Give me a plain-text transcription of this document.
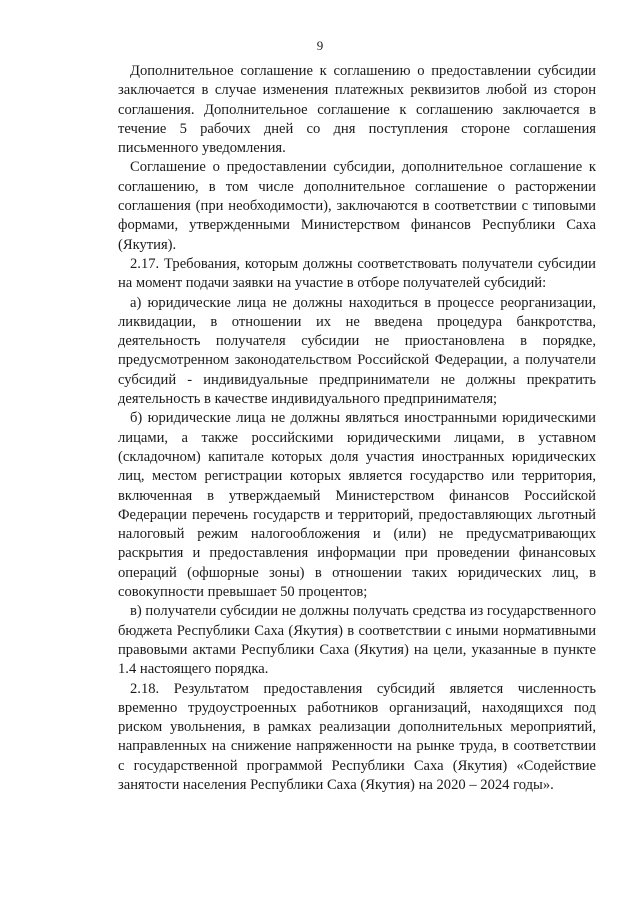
9

Дополнительное соглашение к соглашению о предоставлении субсидии заключается в случае изменения платежных реквизитов любой из сторон соглашения. Дополнительное соглашение к соглашению заключается в течение 5 рабочих дней со дня поступления стороне соглашения письменного уведомления.

Соглашение о предоставлении субсидии, дополнительное соглашение к соглашению, в том числе дополнительное соглашение о расторжении соглашения (при необходимости), заключаются в соответствии с типовыми формами, утвержденными Министерством финансов Республики Саха (Якутия).

2.17. Требования, которым должны соответствовать получатели субсидии на момент подачи заявки на участие в отборе получателей субсидий:

а) юридические лица не должны находиться в процессе реорганизации, ликвидации, в отношении их не введена процедура банкротства, деятельность получателя субсидии не приостановлена в порядке, предусмотренном законодательством Российской Федерации, а получатели субсидий - индивидуальные предприниматели не должны прекратить деятельность в качестве индивидуального предпринимателя;

б) юридические лица не должны являться иностранными юридическими лицами, а также российскими юридическими лицами, в уставном (складочном) капитале которых доля участия иностранных юридических лиц, местом регистрации которых является государство или территория, включенная в утверждаемый Министерством финансов Российской Федерации перечень государств и территорий, предоставляющих льготный налоговый режим налогообложения и (или) не предусматривающих раскрытия и предоставления информации при проведении финансовых операций (офшорные зоны) в отношении таких юридических лиц, в совокупности превышает 50 процентов;

в) получатели субсидии не должны получать средства из государственного бюджета Республики Саха (Якутия) в соответствии с иными нормативными правовыми актами Республики Саха (Якутия) на цели, указанные в пункте 1.4 настоящего порядка.

2.18. Результатом предоставления субсидий является численность временно трудоустроенных работников организаций, находящихся под риском увольнения, в рамках реализации дополнительных мероприятий, направленных на снижение напряженности на рынке труда, в соответствии с государственной программой Республики Саха (Якутия) «Содействие занятости населения Республики Саха (Якутия) на 2020 – 2024 годы».
